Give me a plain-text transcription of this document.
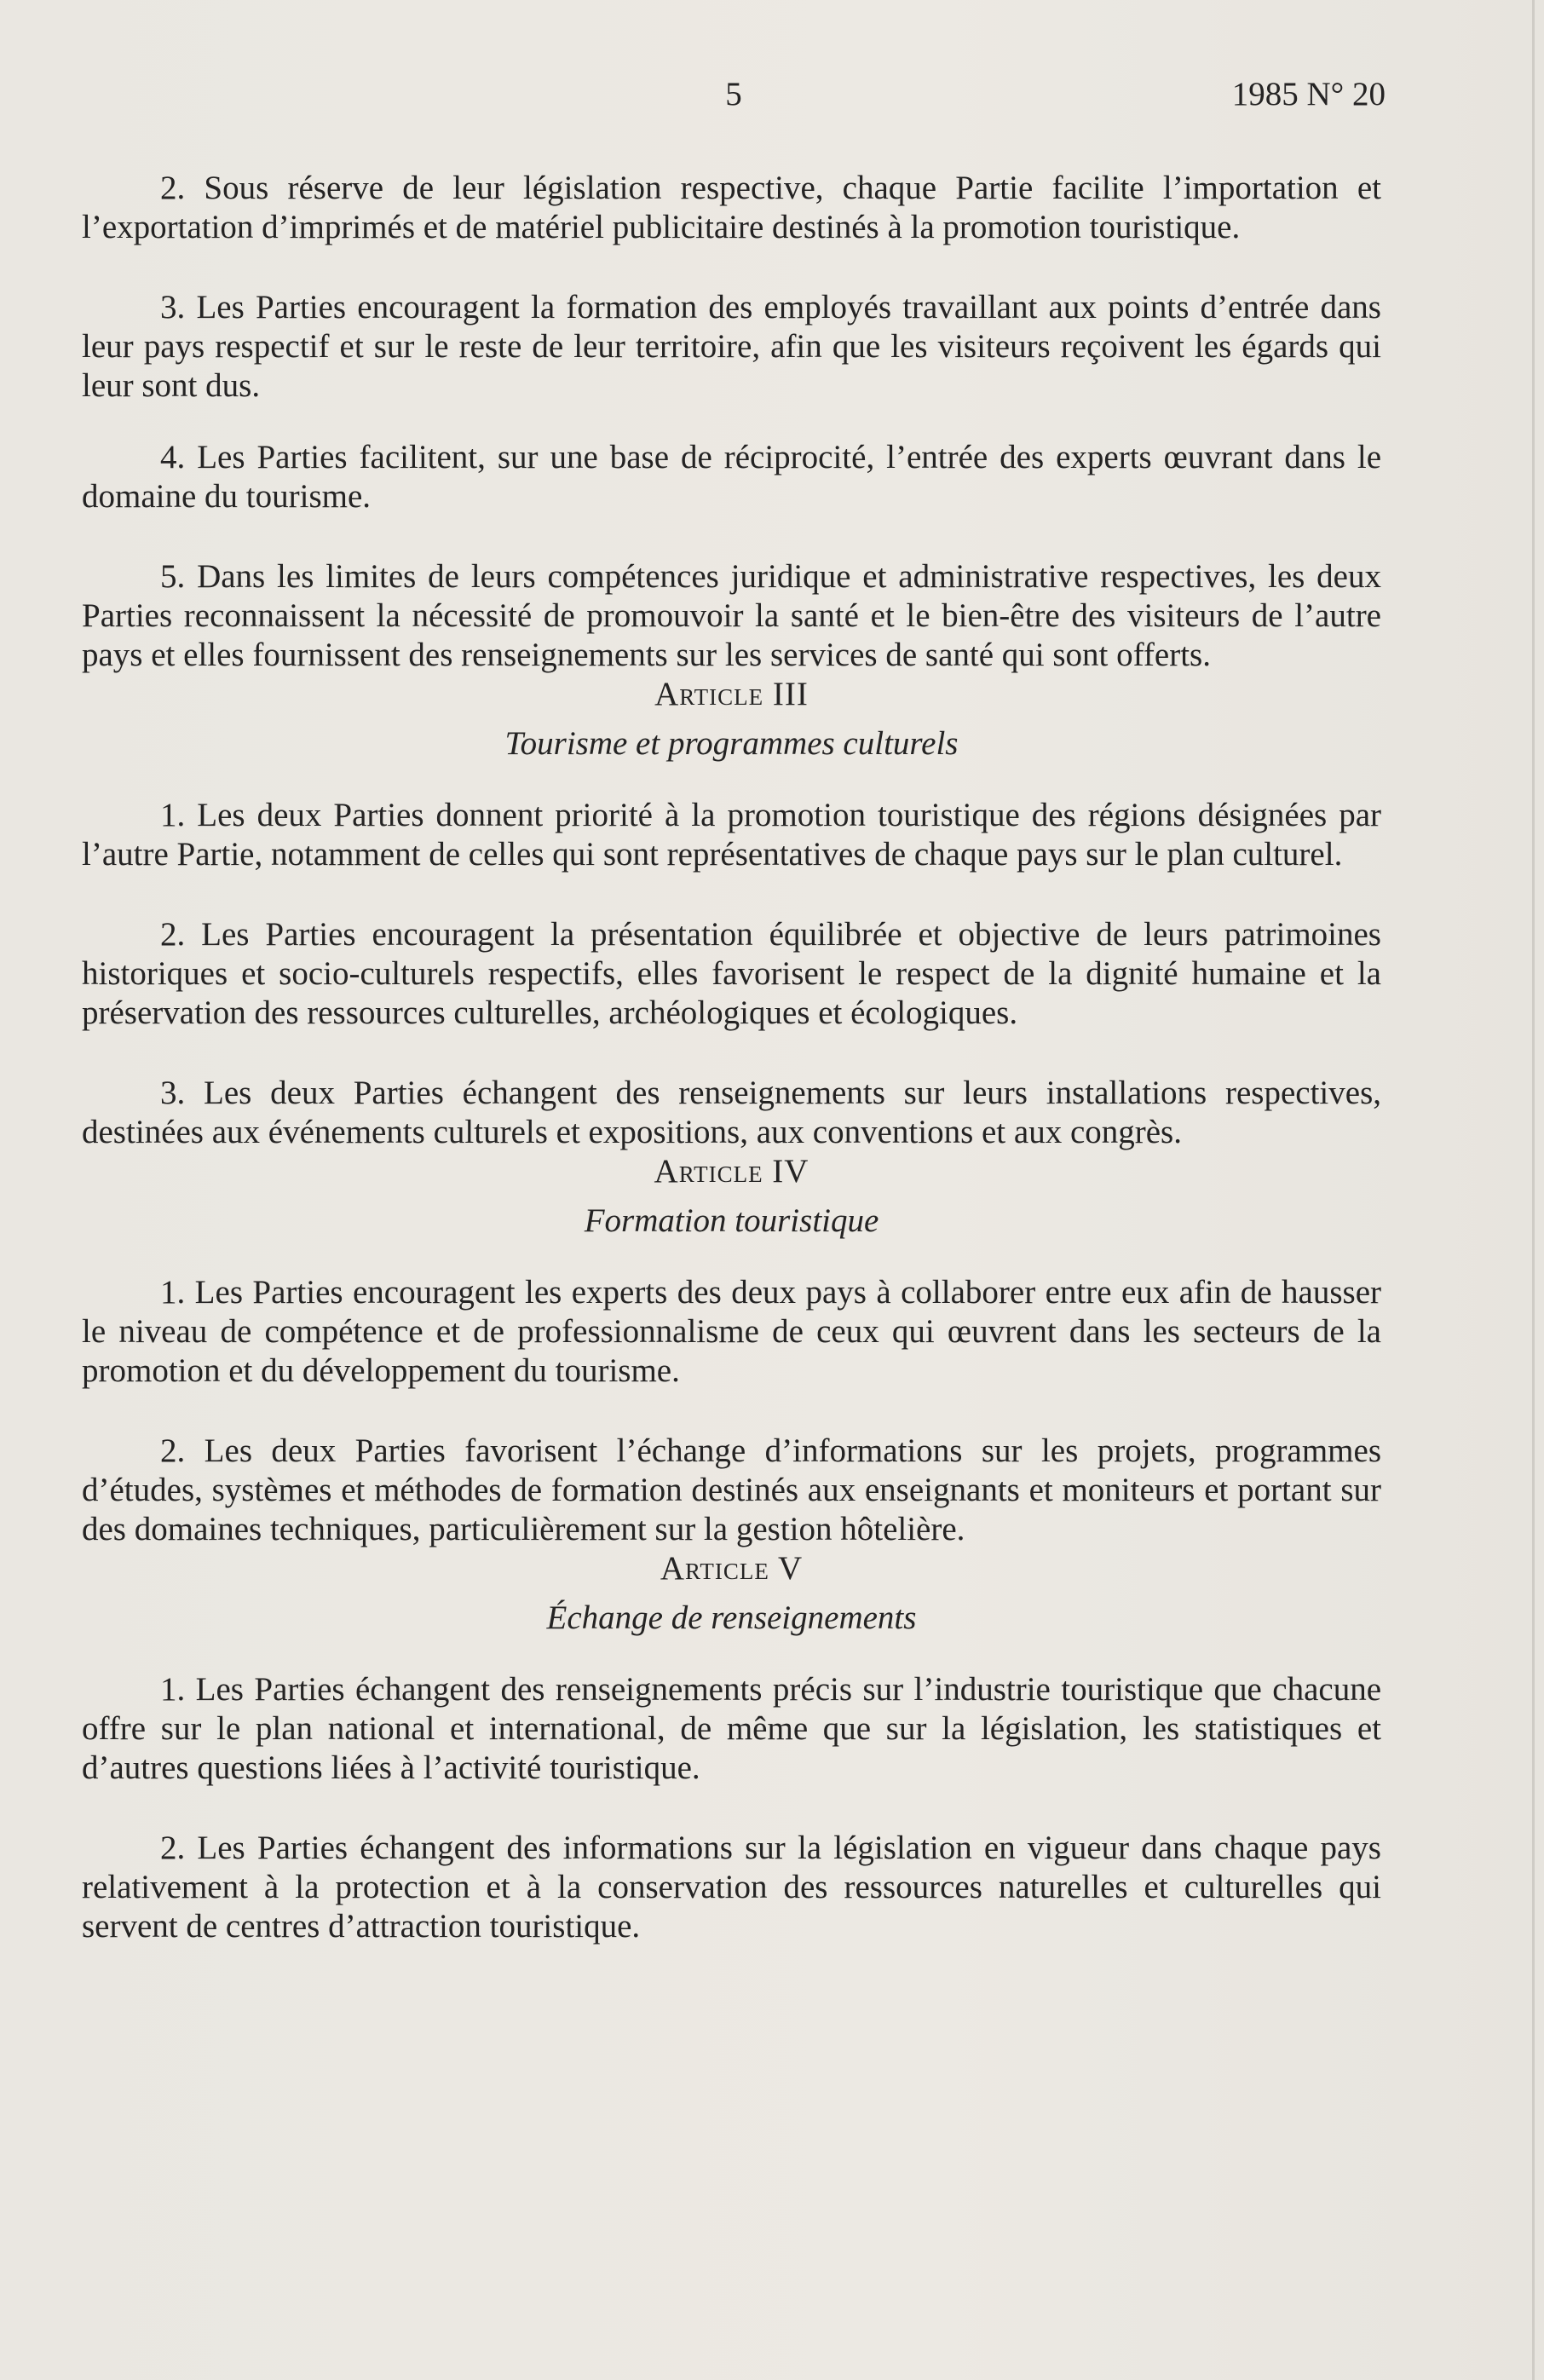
5	1985 N° 20

2. Sous réserve de leur législation respective, chaque Partie facilite l’importation et l’exportation d’imprimés et de matériel publicitaire destinés à la promotion touristique.

3. Les Parties encouragent la formation des employés travaillant aux points d’entrée dans leur pays respectif et sur le reste de leur territoire, afin que les visiteurs reçoivent les égards qui leur sont dus.

4. Les Parties facilitent, sur une base de réciprocité, l’entrée des experts œuvrant dans le domaine du tourisme.

5. Dans les limites de leurs compétences juridique et administrative respectives, les deux Parties reconnaissent la nécessité de promouvoir la santé et le bien-être des visiteurs de l’autre pays et elles fournissent des renseignements sur les services de santé qui sont offerts.

Article III

Tourisme et programmes culturels

1. Les deux Parties donnent priorité à la promotion touristique des régions désignées par l’autre Partie, notamment de celles qui sont représentatives de chaque pays sur le plan culturel.

2. Les Parties encouragent la présentation équilibrée et objective de leurs patrimoines historiques et socio-culturels respectifs, elles favorisent le respect de la dignité humaine et la préservation des ressources culturelles, archéologiques et écologiques.

3. Les deux Parties échangent des renseignements sur leurs installations respectives, destinées aux événements culturels et expositions, aux conventions et aux congrès.

Article IV

Formation touristique

1. Les Parties encouragent les experts des deux pays à collaborer entre eux afin de hausser le niveau de compétence et de professionnalisme de ceux qui œuvrent dans les secteurs de la promotion et du développement du tourisme.

2. Les deux Parties favorisent l’échange d’informations sur les projets, programmes d’études, systèmes et méthodes de formation destinés aux enseignants et moniteurs et portant sur des domaines techniques, particulièrement sur la gestion hôtelière.

Article V

Échange de renseignements

1. Les Parties échangent des renseignements précis sur l’industrie touristique que chacune offre sur le plan national et international, de même que sur la législation, les statistiques et d’autres questions liées à l’activité touristique.

2. Les Parties échangent des informations sur la législation en vigueur dans chaque pays relativement à la protection et à la conservation des ressources naturelles et culturelles qui servent de centres d’attraction touristique.
